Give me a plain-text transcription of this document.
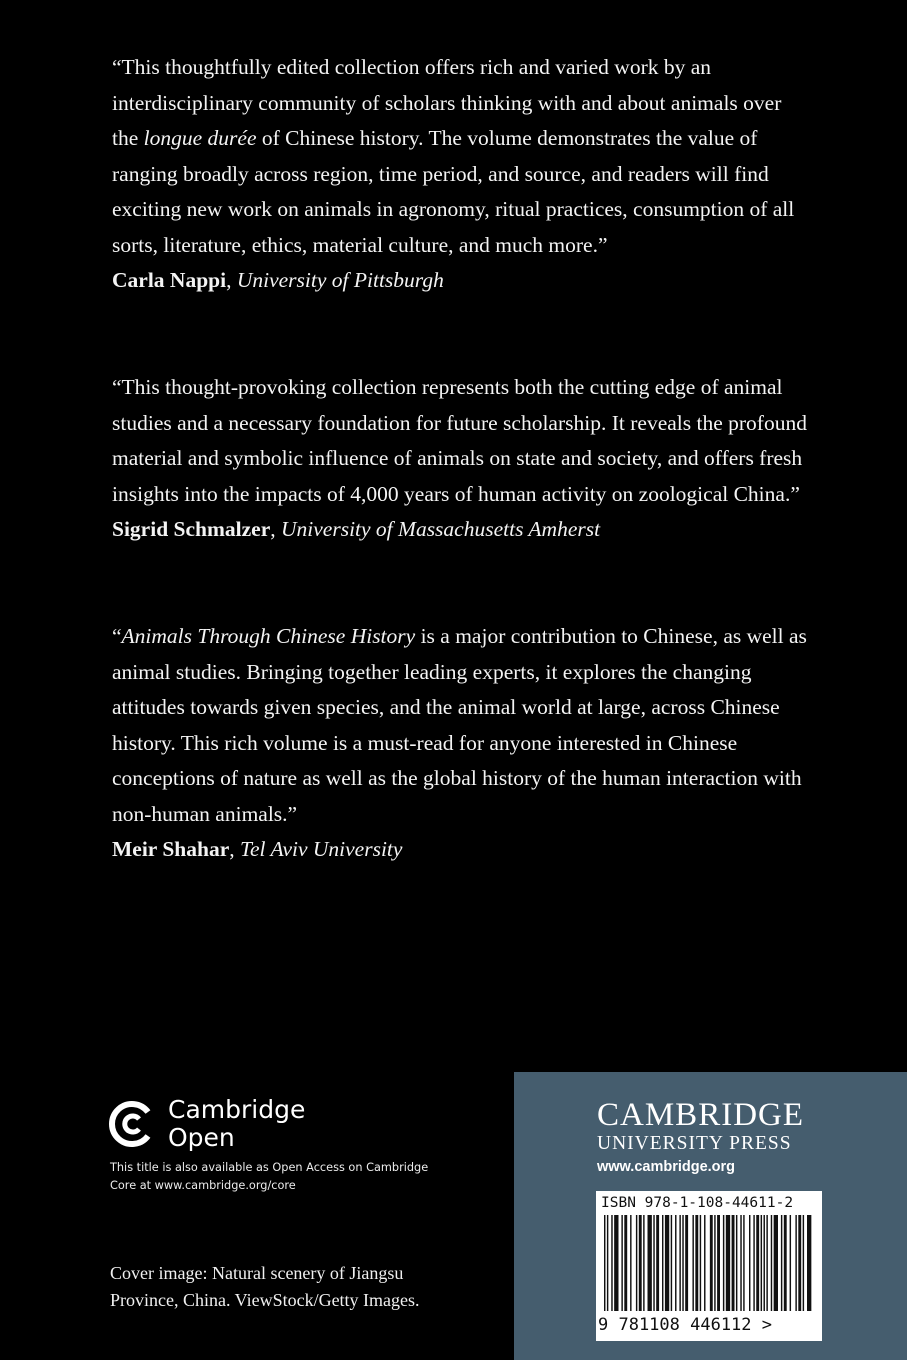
“This thoughtfully edited collection offers rich and varied work by an interdisciplinary community of scholars thinking with and about animals over the longue durée of Chinese history. The volume demonstrates the value of ranging broadly across region, time period, and source, and readers will find exciting new work on animals in agronomy, ritual practices, consumption of all sorts, literature, ethics, material culture, and much more.”

Carla Nappi, University of Pittsburgh

“This thought-provoking collection represents both the cutting edge of animal studies and a necessary foundation for future scholarship. It reveals the profound material and symbolic influence of animals on state and society, and offers fresh insights into the impacts of 4,000 years of human activity on zoological China.”

Sigrid Schmalzer, University of Massachusetts Amherst

“Animals Through Chinese History is a major contribution to Chinese, as well as animal studies. Bringing together leading experts, it explores the changing attitudes towards given species, and the animal world at large, across Chinese history. This rich volume is a must-read for anyone interested in Chinese conceptions of nature as well as the global history of the human interaction with non-human animals.”

Meir Shahar, Tel Aviv University

Cambridge
Open
This title is also available as Open Access on Cambridge Core at www.cambridge.org/core
Cover image: Natural scenery of Jiangsu Province, China. ViewStock/Getty Images.
CAMBRIDGE
UNIVERSITY PRESS
www.cambridge.org
ISBN 978-1-108-44611-2
9 781108 446112 >
